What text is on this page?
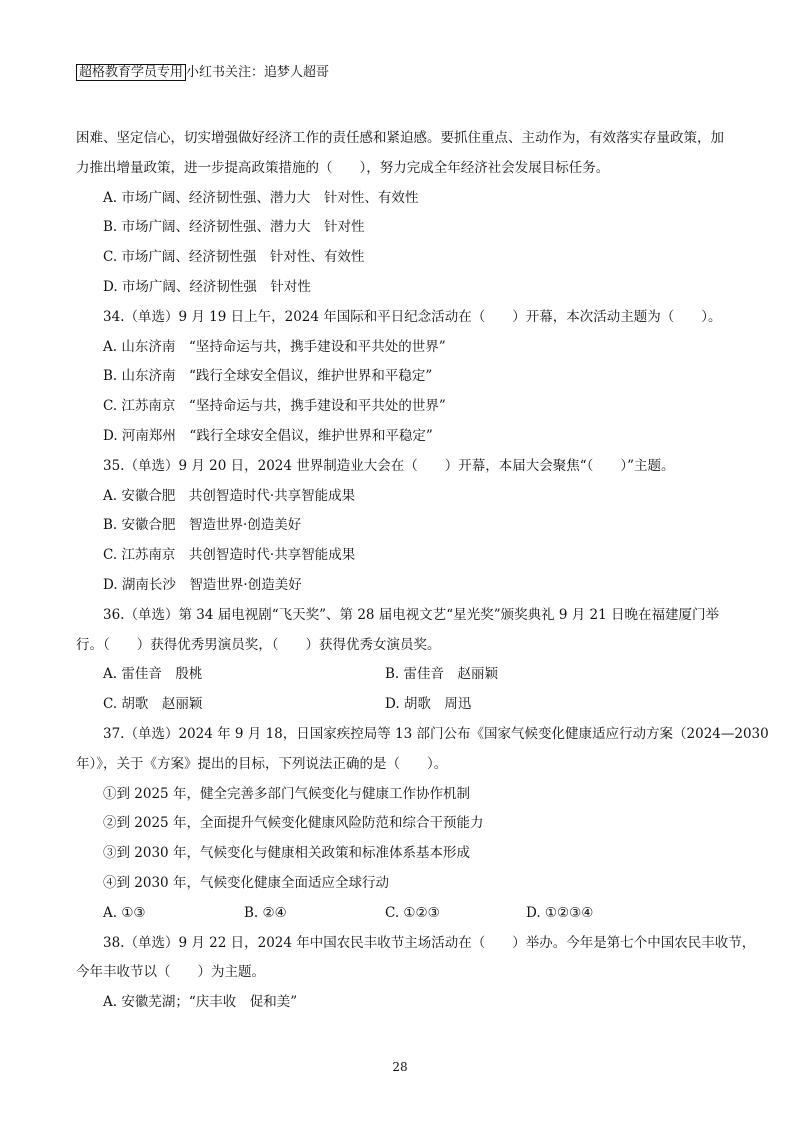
超格教育学员专用 小红书关注：追梦人超哥
困难、坚定信心，切实增强做好经济工作的责任感和紧迫感。要抓住重点、主动作为，有效落实存量政策，加
力推出增量政策，进一步提高政策措施的（　　），努力完成全年经济社会发展目标任务。
A. 市场广阔、经济韧性强、潜力大　针对性、有效性
B. 市场广阔、经济韧性强、潜力大　针对性
C. 市场广阔、经济韧性强　针对性、有效性
D. 市场广阔、经济韧性强　针对性
34.（单选）9 月 19 日上午，2024 年国际和平日纪念活动在（　　）开幕，本次活动主题为（　　）。
A. 山东济南　“坚持命运与共，携手建设和平共处的世界”
B. 山东济南　“践行全球安全倡议，维护世界和平稳定”
C. 江苏南京　“坚持命运与共，携手建设和平共处的世界”
D. 河南郑州　“践行全球安全倡议，维护世界和平稳定”
35.（单选）9 月 20 日，2024 世界制造业大会在（　　）开幕，本届大会聚焦“（　　）”主题。
A. 安徽合肥　共创智造时代·共享智能成果
B. 安徽合肥　智造世界·创造美好
C. 江苏南京　共创智造时代·共享智能成果
D. 湖南长沙　智造世界·创造美好
36.（单选）第 34 届电视剧“飞天奖”、第 28 届电视文艺“星光奖”颁奖典礼 9 月 21 日晚在福建厦门举
行。（　　）获得优秀男演员奖，（　　）获得优秀女演员奖。
A. 雷佳音　殷桃	B. 雷佳音　赵丽颖
C. 胡歌　赵丽颖	D. 胡歌　周迅
37.（单选）2024 年 9 月 18，日国家疾控局等 13 部门公布《国家气候变化健康适应行动方案（2024—2030
年）》，关于《方案》提出的目标，下列说法正确的是（　　）。
①到 2025 年，健全完善多部门气候变化与健康工作协作机制
②到 2025 年，全面提升气候变化健康风险防范和综合干预能力
③到 2030 年，气候变化与健康相关政策和标准体系基本形成
④到 2030 年，气候变化健康全面适应全球行动
A. ①③	B. ②④	C. ①②③	D. ①②③④
38.（单选）9 月 22 日，2024 年中国农民丰收节主场活动在（　　）举办。今年是第七个中国农民丰收节，
今年丰收节以（　　）为主题。
A. 安徽芜湖；“庆丰收　促和美”
28
